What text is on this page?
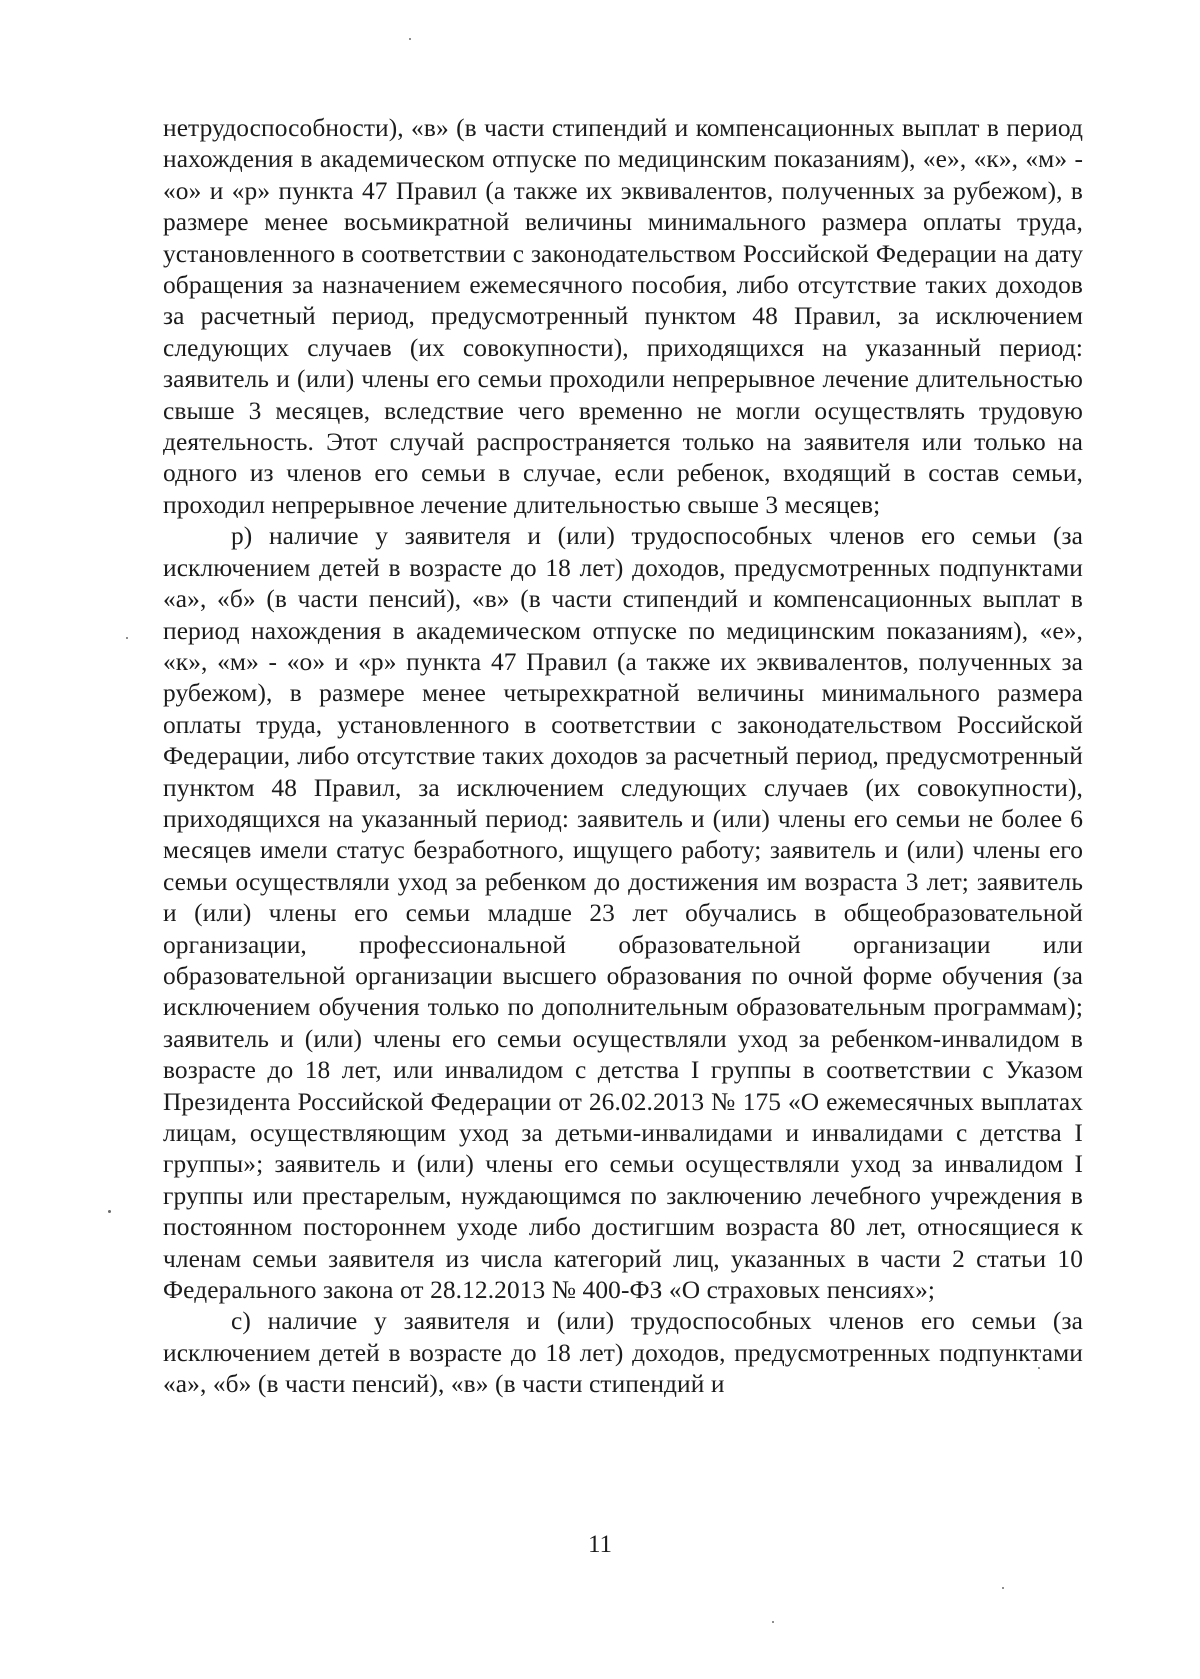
нетрудоспособности), «в» (в части стипендий и компенсационных выплат в период нахождения в академическом отпуске по медицинским показаниям), «е», «к», «м» - «о» и «р» пункта 47 Правил (а также их эквивалентов, полученных за рубежом), в размере менее восьмикратной величины минимального размера оплаты труда, установленного в соответствии с законодательством Российской Федерации на дату обращения за назначением ежемесячного пособия, либо отсутствие таких доходов за расчетный период, предусмотренный пунктом 48 Правил, за исключением следующих случаев (их совокупности), приходящихся на указанный период: заявитель и (или) члены его семьи проходили непрерывное лечение длительностью свыше 3 месяцев, вследствие чего временно не могли осуществлять трудовую деятельность. Этот случай распространяется только на заявителя или только на одного из членов его семьи в случае, если ребенок, входящий в состав семьи, проходил непрерывное лечение длительностью свыше 3 месяцев;

р) наличие у заявителя и (или) трудоспособных членов его семьи (за исключением детей в возрасте до 18 лет) доходов, предусмотренных подпунктами «а», «б» (в части пенсий), «в» (в части стипендий и компенсационных выплат в период нахождения в академическом отпуске по медицинским показаниям), «е», «к», «м» - «о» и «р» пункта 47 Правил (а также их эквивалентов, полученных за рубежом), в размере менее четырехкратной величины минимального размера оплаты труда, установленного в соответствии с законодательством Российской Федерации, либо отсутствие таких доходов за расчетный период, предусмотренный пунктом 48 Правил, за исключением следующих случаев (их совокупности), приходящихся на указанный период: заявитель и (или) члены его семьи не более 6 месяцев имели статус безработного, ищущего работу; заявитель и (или) члены его семьи осуществляли уход за ребенком до достижения им возраста 3 лет; заявитель и (или) члены его семьи младше 23 лет обучались в общеобразовательной организации, профессиональной образовательной организации или образовательной организации высшего образования по очной форме обучения (за исключением обучения только по дополнительным образовательным программам); заявитель и (или) члены его семьи осуществляли уход за ребенком-инвалидом в возрасте до 18 лет, или инвалидом с детства I группы в соответствии с Указом Президента Российской Федерации от 26.02.2013 № 175 «О ежемесячных выплатах лицам, осуществляющим уход за детьми-инвалидами и инвалидами с детства I группы»; заявитель и (или) члены его семьи осуществляли уход за инвалидом I группы или престарелым, нуждающимся по заключению лечебного учреждения в постоянном постороннем уходе либо достигшим возраста 80 лет, относящиеся к членам семьи заявителя из числа категорий лиц, указанных в части 2 статьи 10 Федерального закона от 28.12.2013 № 400-ФЗ «О страховых пенсиях»;

с) наличие у заявителя и (или) трудоспособных членов его семьи (за исключением детей в возрасте до 18 лет) доходов, предусмотренных подпунктами «а», «б» (в части пенсий), «в» (в части стипендий и

11
